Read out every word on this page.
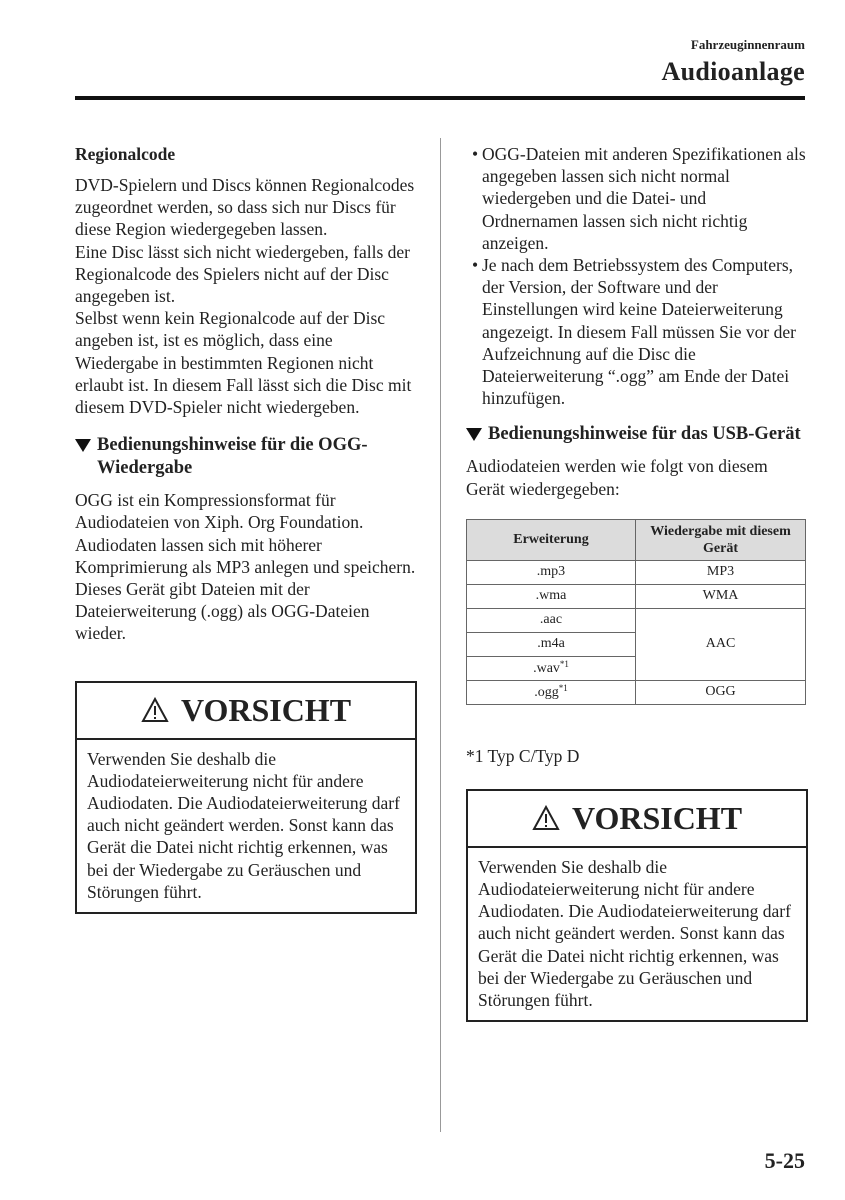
Fahrzeuginnenraum
Audioanlage

Regionalcode

DVD-Spielern und Discs können Regionalcodes zugeordnet werden, so dass sich nur Discs für diese Region wiedergegeben lassen.
Eine Disc lässt sich nicht wiedergeben, falls der Regionalcode des Spielers nicht auf der Disc angegeben ist.
Selbst wenn kein Regionalcode auf der Disc angeben ist, ist es möglich, dass eine Wiedergabe in bestimmten Regionen nicht erlaubt ist. In diesem Fall lässt sich die Disc mit diesem DVD-Spieler nicht wiedergeben.

Bedienungshinweise für die OGG-Wiedergabe

OGG ist ein Kompressionsformat für Audiodateien von Xiph. Org Foundation. Audiodaten lassen sich mit höherer Komprimierung als MP3 anlegen und speichern.
Dieses Gerät gibt Dateien mit der Dateierweiterung (.ogg) als OGG-Dateien wieder.

VORSICHT
Verwenden Sie deshalb die Audiodateierweiterung nicht für andere Audiodaten. Die Audiodateierweiterung darf auch nicht geändert werden. Sonst kann das Gerät die Datei nicht richtig erkennen, was bei der Wiedergabe zu Geräuschen und Störungen führt.
• OGG-Dateien mit anderen Spezifikationen als angegeben lassen sich nicht normal wiedergeben und die Datei- und Ordnernamen lassen sich nicht richtig anzeigen.
• Je nach dem Betriebssystem des Computers, der Version, der Software und der Einstellungen wird keine Dateierweiterung angezeigt. In diesem Fall müssen Sie vor der Aufzeichnung auf die Disc die Dateierweiterung “.ogg” am Ende der Datei hinzufügen.
Bedienungshinweise für das USB-Gerät

Audiodateien werden wie folgt von diesem Gerät wiedergegeben:

Erweiterung	Wiedergabe mit diesem Gerät
.mp3	MP3
.wma	WMA
.aac	AAC
.m4a	
.wav$^{*1}$
.ogg$^{*1}$	OGG

*1 Typ C/Typ D

VORSICHT
Verwenden Sie deshalb die Audiodateierweiterung nicht für andere Audiodaten. Die Audiodateierweiterung darf auch nicht geändert werden. Sonst kann das Gerät die Datei nicht richtig erkennen, was bei der Wiedergabe zu Geräuschen und Störungen führt.
5-25
